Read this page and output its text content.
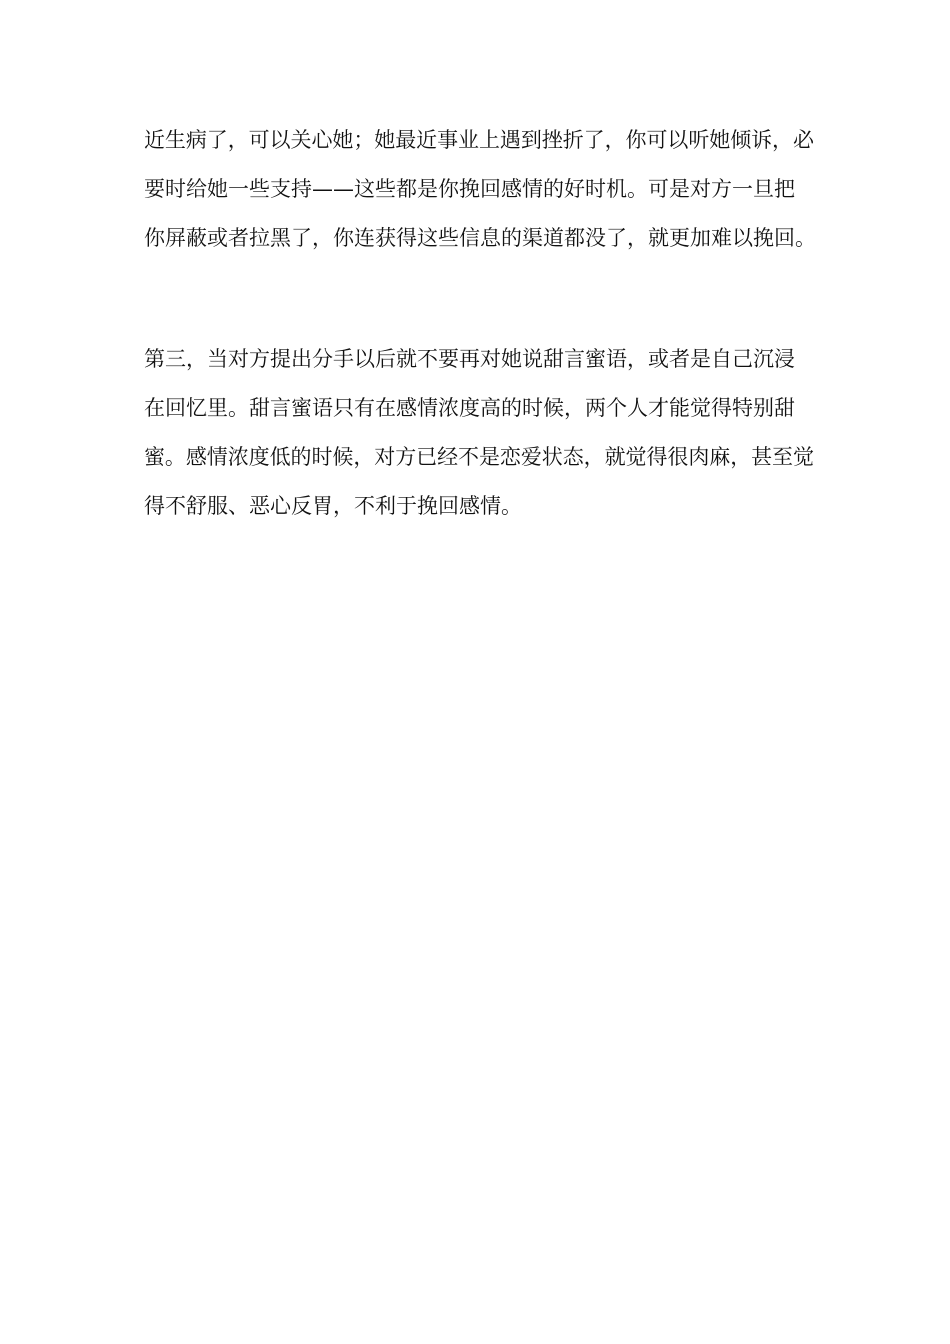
近生病了，可以关心她；她最近事业上遇到挫折了，你可以听她倾诉，必
要时给她一些支持——这些都是你挽回感情的好时机。可是对方一旦把
你屏蔽或者拉黑了，你连获得这些信息的渠道都没了，就更加难以挽回。
第三，当对方提出分手以后就不要再对她说甜言蜜语，或者是自己沉浸
在回忆里。甜言蜜语只有在感情浓度高的时候，两个人才能觉得特别甜
蜜。感情浓度低的时候，对方已经不是恋爱状态，就觉得很肉麻，甚至觉
得不舒服、恶心反胃，不利于挽回感情。
